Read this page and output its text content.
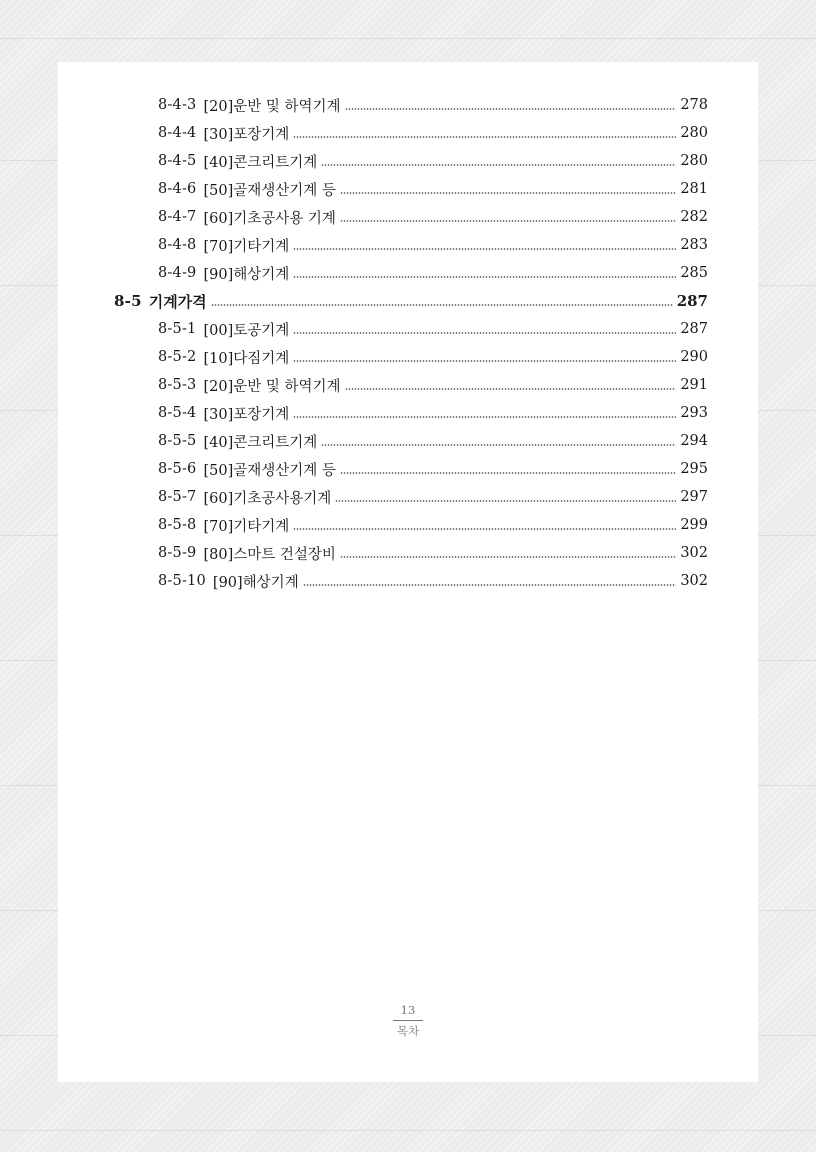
8-4-3 [20]운반 및 하역기계	278
8-4-4 [30]포장기계	280
8-4-5 [40]콘크리트기계	280
8-4-6 [50]골재생산기계 등	281
8-4-7 [60]기초공사용 기계	282
8-4-8 [70]기타기계	283
8-4-9 [90]해상기계	285
8-5 기계가격	287
8-5-1 [00]토공기계	287
8-5-2 [10]다짐기계	290
8-5-3 [20]운반 및 하역기계	291
8-5-4 [30]포장기계	293
8-5-5 [40]콘크리트기계	294
8-5-6 [50]골재생산기계 등	295
8-5-7 [60]기초공사용기계	297
8-5-8 [70]기타기계	299
8-5-9 [80]스마트 건설장비	302
8-5-10 [90]해상기계	302
13
목차
